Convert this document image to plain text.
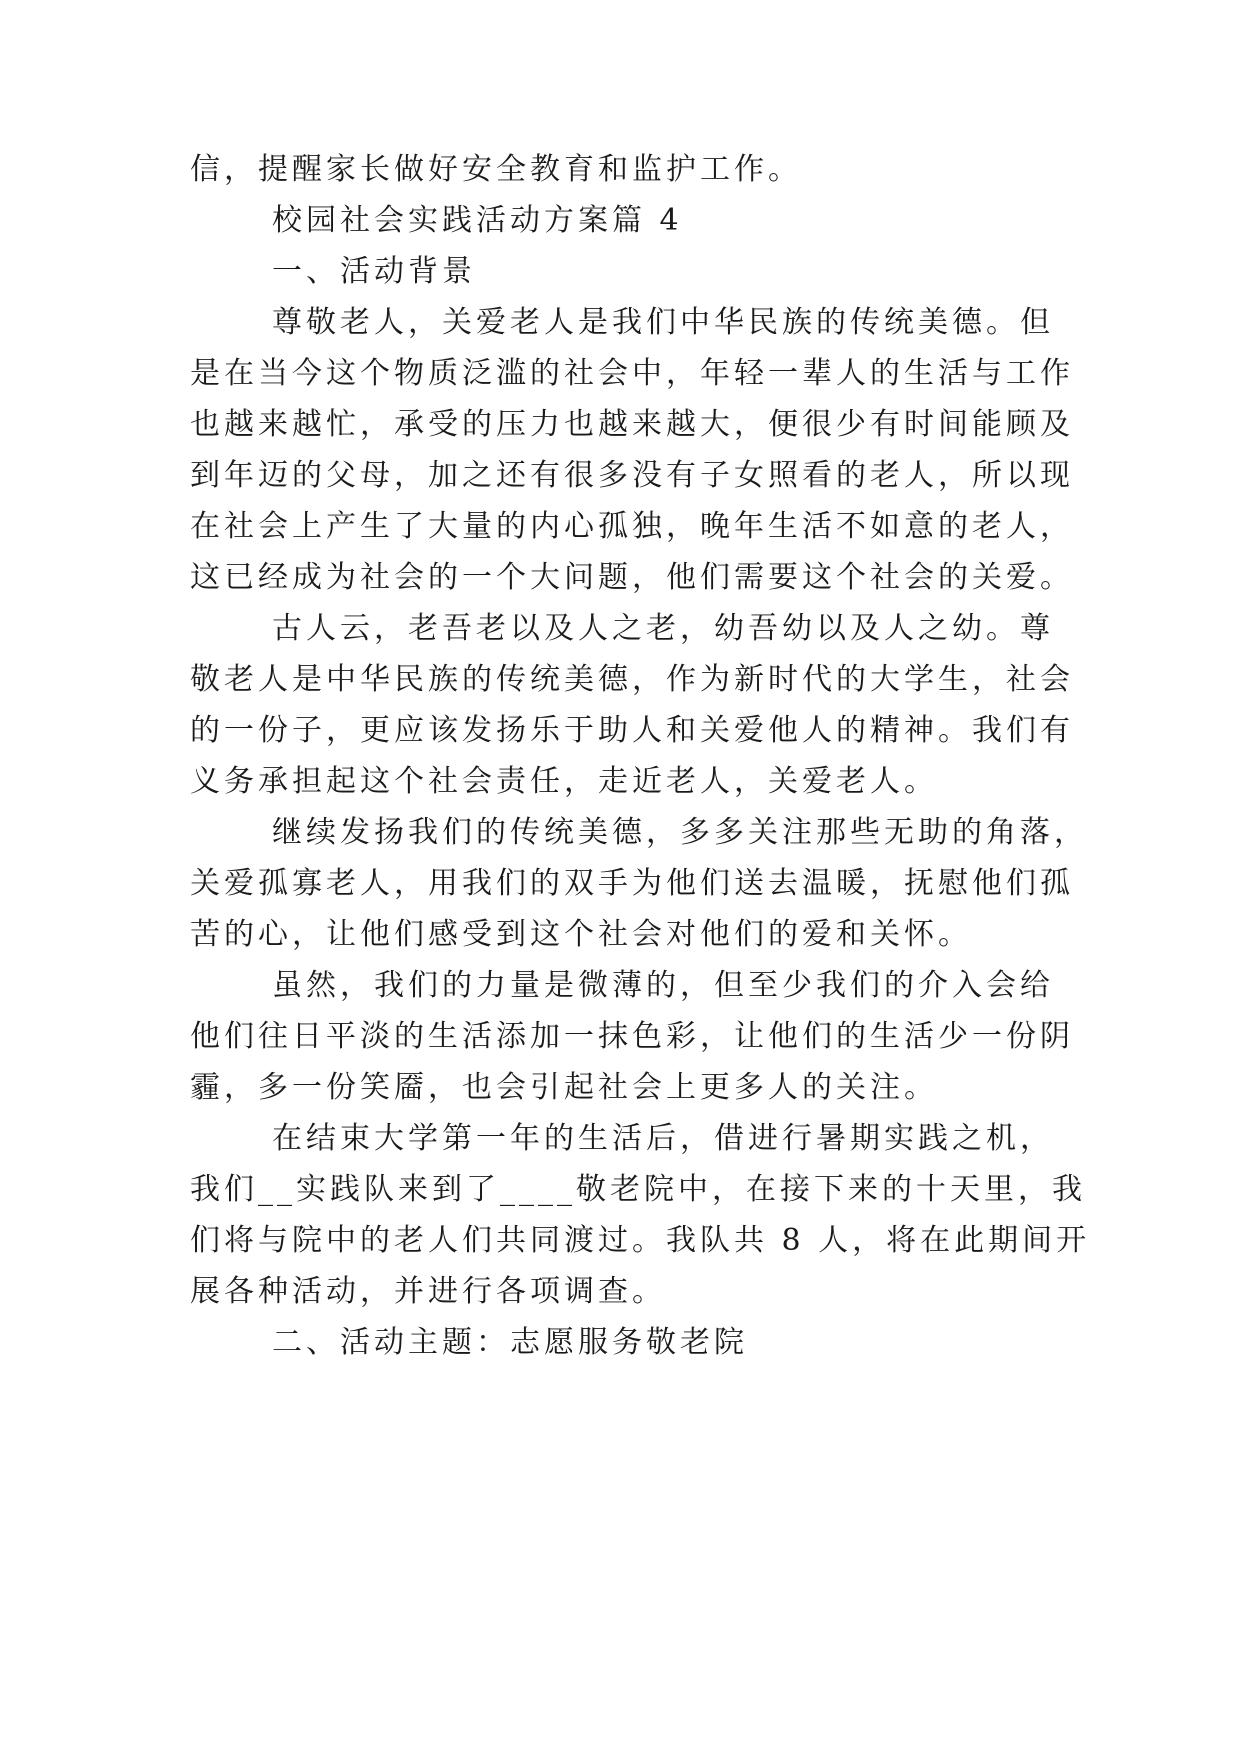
信，提醒家长做好安全教育和监护工作。
校园社会实践活动方案篇 4
一、活动背景
尊敬老人，关爱老人是我们中华民族的传统美德。但
是在当今这个物质泛滥的社会中，年轻一辈人的生活与工作
也越来越忙，承受的压力也越来越大，便很少有时间能顾及
到年迈的父母，加之还有很多没有子女照看的老人，所以现
在社会上产生了大量的内心孤独，晚年生活不如意的老人，
这已经成为社会的一个大问题，他们需要这个社会的关爱。
古人云，老吾老以及人之老，幼吾幼以及人之幼。尊
敬老人是中华民族的传统美德，作为新时代的大学生，社会
的一份子，更应该发扬乐于助人和关爱他人的精神。我们有
义务承担起这个社会责任，走近老人，关爱老人。
继续发扬我们的传统美德，多多关注那些无助的角落，
关爱孤寡老人，用我们的双手为他们送去温暖，抚慰他们孤
苦的心，让他们感受到这个社会对他们的爱和关怀。
虽然，我们的力量是微薄的，但至少我们的介入会给
他们往日平淡的生活添加一抹色彩，让他们的生活少一份阴
霾，多一份笑靥，也会引起社会上更多人的关注。
在结束大学第一年的生活后，借进行暑期实践之机，
我们__实践队来到了____敬老院中，在接下来的十天里，我
们将与院中的老人们共同渡过。我队共 8 人，将在此期间开
展各种活动，并进行各项调查。
二、活动主题：志愿服务敬老院
